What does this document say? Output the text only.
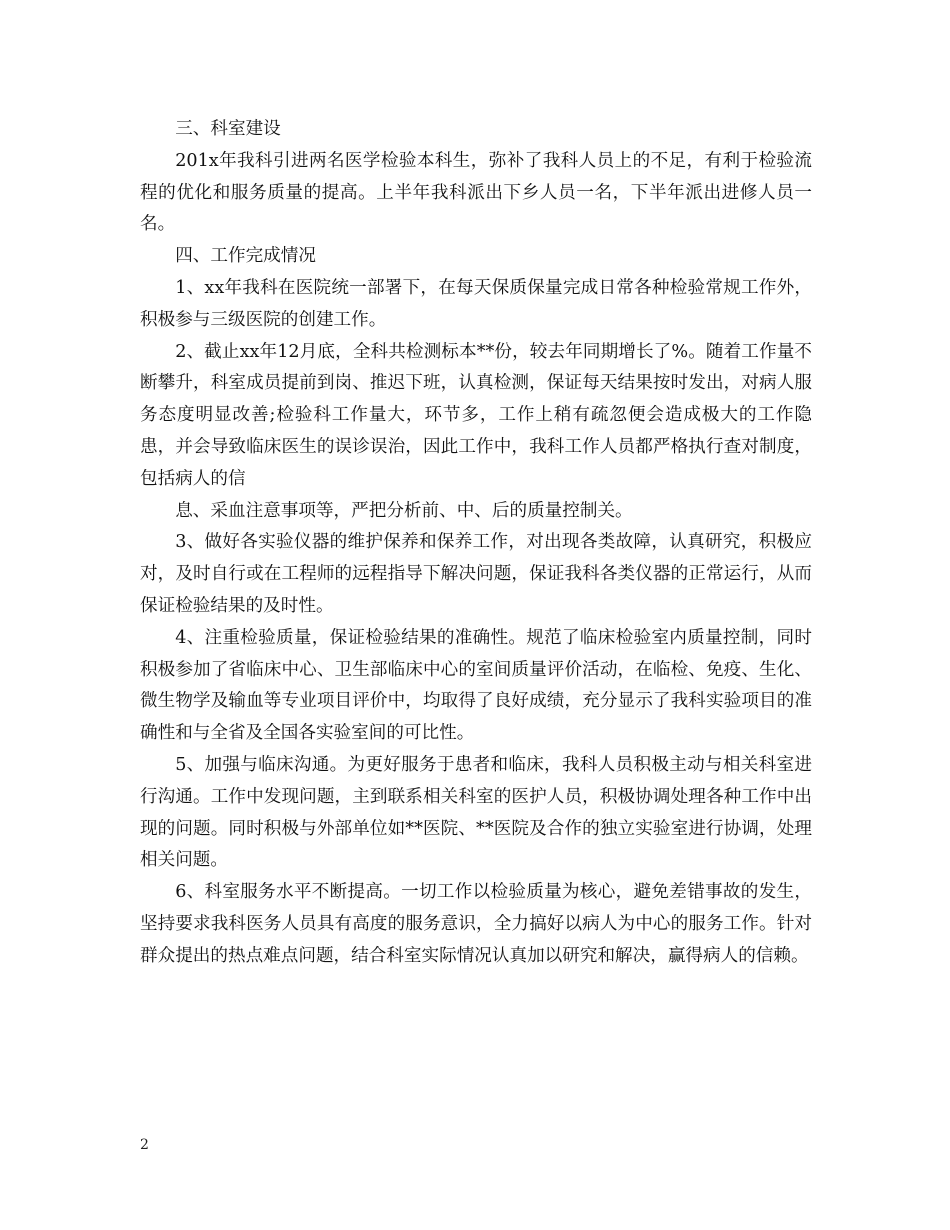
三、科室建设

201x年我科引进两名医学检验本科生，弥补了我科人员上的不足，有利于检验流程的优化和服务质量的提高。上半年我科派出下乡人员一名，下半年派出进修人员一名。

四、工作完成情况

1、xx年我科在医院统一部署下，在每天保质保量完成日常各种检验常规工作外，积极参与三级医院的创建工作。

2、截止xx年12月底，全科共检测标本**份，较去年同期增长了%。随着工作量不断攀升，科室成员提前到岗、推迟下班，认真检测，保证每天结果按时发出，对病人服务态度明显改善;检验科工作量大，环节多，工作上稍有疏忽便会造成极大的工作隐患，并会导致临床医生的误诊误治，因此工作中，我科工作人员都严格执行查对制度，包括病人的信

息、采血注意事项等，严把分析前、中、后的质量控制关。

3、做好各实验仪器的维护保养和保养工作，对出现各类故障，认真研究，积极应对，及时自行或在工程师的远程指导下解决问题，保证我科各类仪器的正常运行，从而保证检验结果的及时性。

4、注重检验质量，保证检验结果的准确性。规范了临床检验室内质量控制，同时积极参加了省临床中心、卫生部临床中心的室间质量评价活动，在临检、免疫、生化、微生物学及输血等专业项目评价中，均取得了良好成绩，充分显示了我科实验项目的准确性和与全省及全国各实验室间的可比性。

5、加强与临床沟通。为更好服务于患者和临床，我科人员积极主动与相关科室进行沟通。工作中发现问题，主到联系相关科室的医护人员，积极协调处理各种工作中出现的问题。同时积极与外部单位如**医院、**医院及合作的独立实验室进行协调，处理相关问题。

6、科室服务水平不断提高。一切工作以检验质量为核心，避免差错事故的发生，坚持要求我科医务人员具有高度的服务意识，全力搞好以病人为中心的服务工作。针对群众提出的热点难点问题，结合科室实际情况认真加以研究和解决，赢得病人的信赖。

2
